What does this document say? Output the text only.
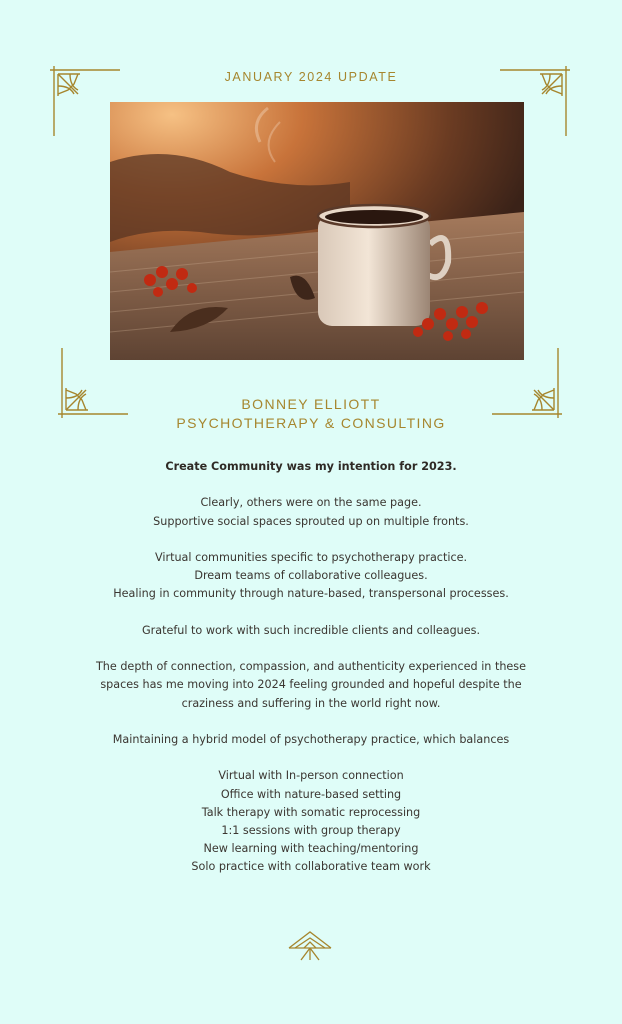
JANUARY 2024 UPDATE
BONNEY ELLIOTT
PSYCHOTHERAPY & CONSULTING

Create Community was my intention for 2023.

Clearly, others were on the same page.

Supportive social spaces sprouted up on multiple fronts.

Virtual communities specific to psychotherapy practice.

Dream teams of collaborative colleagues.

Healing in community through nature-based, transpersonal processes.

Grateful to work with such incredible clients and colleagues.

The depth of connection, compassion, and authenticity experienced in these

spaces has me moving into 2024 feeling grounded and hopeful despite the

craziness and suffering in the world right now.

Maintaining a hybrid model of psychotherapy practice, which balances

Virtual with In-person connection

Office with nature-based setting

Talk therapy with somatic reprocessing

1:1 sessions with group therapy

New learning with teaching/mentoring

Solo practice with collaborative team work
